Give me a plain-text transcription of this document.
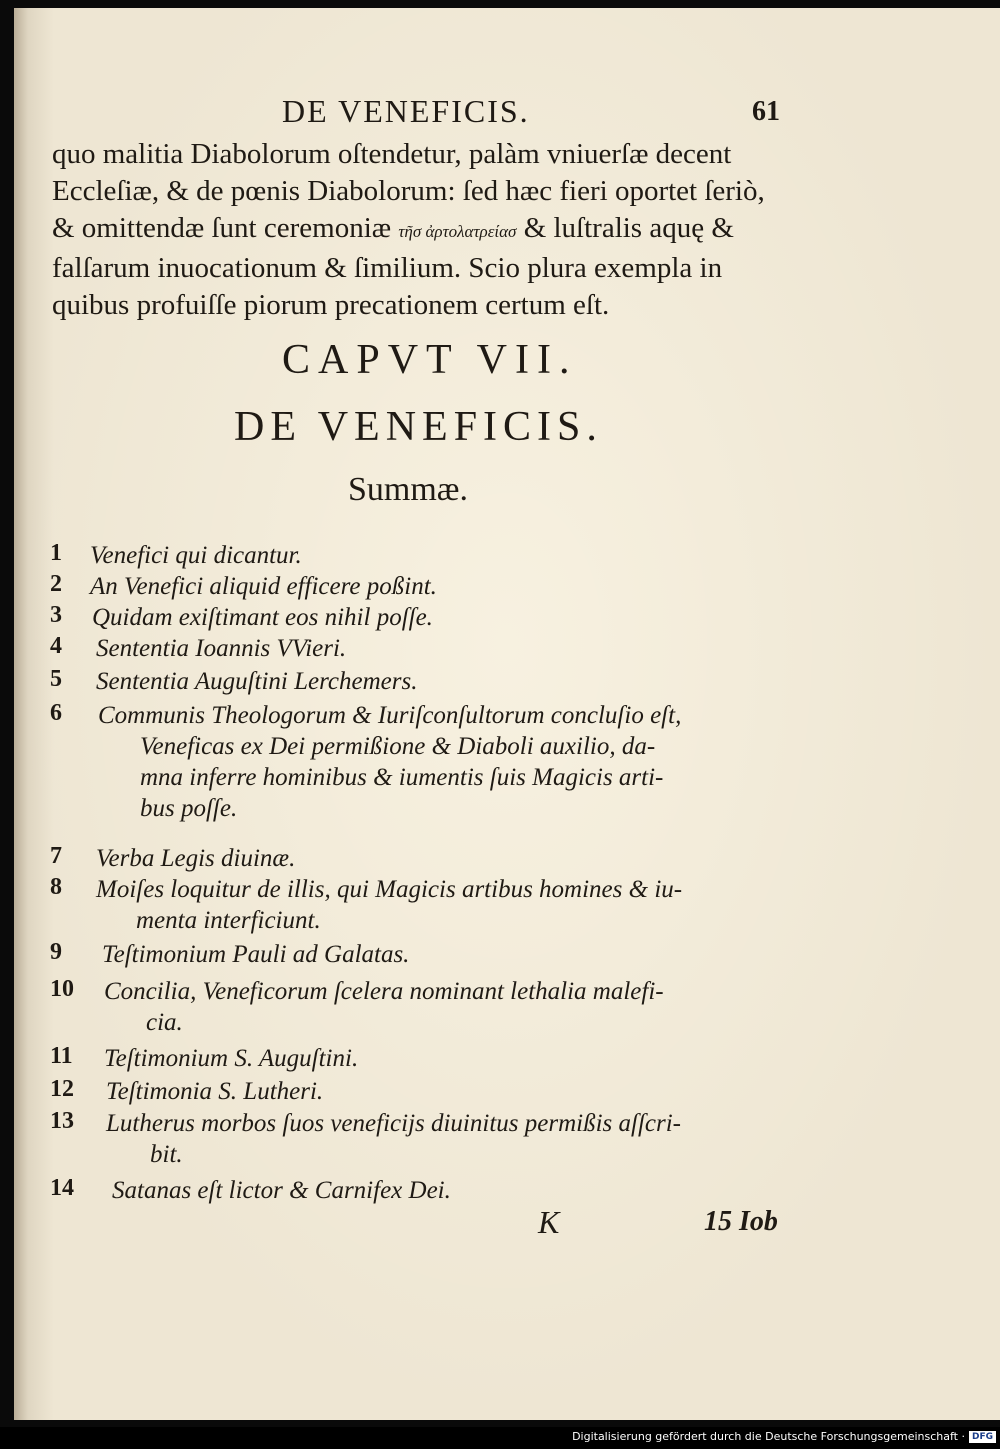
DE VENEFICIS.	61
quo malitia Diabolorum oſtendetur, palàm vniuerſæ decent
Eccleſiæ, & de pœnis Diabolorum: ſed hæc fieri oportet ſeriò,
& omittendæ ſunt ceremoniæ τῆσ ἀρτολατρείασ & luſtralis aquę &
falſarum inuocationum & ſimilium. Scio plura exempla in
quibus profuiſſe piorum precationem certum eſt.
CAPVT VII.
DE VENEFICIS.
Summæ.
1	Venefici qui dicantur.
2	An Venefici aliquid efficere poßint.
3	Quidam exiſtimant eos nihil poſſe.
4	Sententia Ioannis VVieri.
5	Sententia Auguſtini Lerchemers.
6	Communis Theologorum & Iuriſconſultorum concluſio eſt,
Veneficas ex Dei permißione & Diaboli auxilio, da-
mna inferre hominibus & iumentis ſuis Magicis arti-
bus poſſe.
7	Verba Legis diuinæ.
8	Moiſes loquitur de illis, qui Magicis artibus homines & iu-
menta interficiunt.
9	Teſtimonium Pauli ad Galatas.
10	Concilia, Veneficorum ſcelera nominant lethalia malefi-
cia.
11	Teſtimonium S. Auguſtini.
12	Teſtimonia S. Lutheri.
13	Lutherus morbos ſuos veneficijs diuinitus permißis aſſcri-
bit.
14	Satanas eſt lictor & Carnifex Dei.
K	15 Iob
Digitalisierung gefördert durch die Deutsche Forschungsgemeinschaft · DFG
